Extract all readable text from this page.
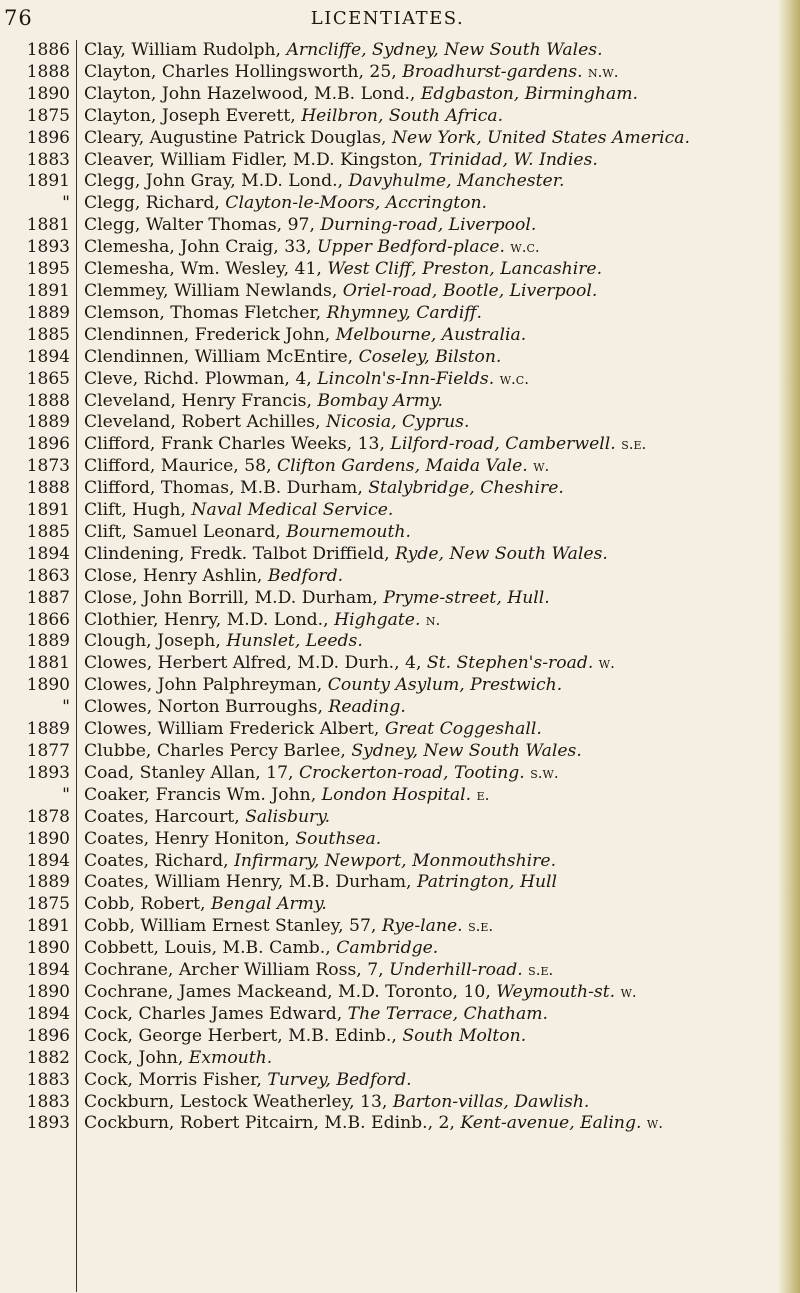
76	LICENTIATES.
1886 Clay, William Rudolph, Arncliffe, Sydney, New South Wales.
1888 Clayton, Charles Hollingsworth, 25, Broadhurst-gardens. n.w.
1890 Clayton, John Hazelwood, M.B. Lond., Edgbaston, Birmingham.
1875 Clayton, Joseph Everett, Heilbron, South Africa.
1896 Cleary, Augustine Patrick Douglas, New York, United States America.
1883 Cleaver, William Fidler, M.D. Kingston, Trinidad, W. Indies.
1891 Clegg, John Gray, M.D. Lond., Davyhulme, Manchester.
" Clegg, Richard, Clayton-le-Moors, Accrington.
1881 Clegg, Walter Thomas, 97, Durning-road, Liverpool.
1893 Clemesha, John Craig, 33, Upper Bedford-place. w.c.
1895 Clemesha, Wm. Wesley, 41, West Cliff, Preston, Lancashire.
1891 Clemmey, William Newlands, Oriel-road, Bootle, Liverpool.
1889 Clemson, Thomas Fletcher, Rhymney, Cardiff.
1885 Clendinnen, Frederick John, Melbourne, Australia.
1894 Clendinnen, William McEntire, Coseley, Bilston.
1865 Cleve, Richd. Plowman, 4, Lincoln's-Inn-Fields. w.c.
1888 Cleveland, Henry Francis, Bombay Army.
1889 Cleveland, Robert Achilles, Nicosia, Cyprus.
1896 Clifford, Frank Charles Weeks, 13, Lilford-road, Camberwell. s.e.
1873 Clifford, Maurice, 58, Clifton Gardens, Maida Vale. w.
1888 Clifford, Thomas, M.B. Durham, Stalybridge, Cheshire.
1891 Clift, Hugh, Naval Medical Service.
1885 Clift, Samuel Leonard, Bournemouth.
1894 Clindening, Fredk. Talbot Driffield, Ryde, New South Wales.
1863 Close, Henry Ashlin, Bedford.
1887 Close, John Borrill, M.D. Durham, Pryme-street, Hull.
1866 Clothier, Henry, M.D. Lond., Highgate. n.
1889 Clough, Joseph, Hunslet, Leeds.
1881 Clowes, Herbert Alfred, M.D. Durh., 4, St. Stephen's-road. w.
1890 Clowes, John Palphreyman, County Asylum, Prestwich.
" Clowes, Norton Burroughs, Reading.
1889 Clowes, William Frederick Albert, Great Coggeshall.
1877 Clubbe, Charles Percy Barlee, Sydney, New South Wales.
1893 Coad, Stanley Allan, 17, Crockerton-road, Tooting. s.w.
" Coaker, Francis Wm. John, London Hospital. e.
1878 Coates, Harcourt, Salisbury.
1890 Coates, Henry Honiton, Southsea.
1894 Coates, Richard, Infirmary, Newport, Monmouthshire.
1889 Coates, William Henry, M.B. Durham, Patrington, Hull
1875 Cobb, Robert, Bengal Army.
1891 Cobb, William Ernest Stanley, 57, Rye-lane. s.e.
1890 Cobbett, Louis, M.B. Camb., Cambridge.
1894 Cochrane, Archer William Ross, 7, Underhill-road. s.e.
1890 Cochrane, James Mackeand, M.D. Toronto, 10, Weymouth-st. w.
1894 Cock, Charles James Edward, The Terrace, Chatham.
1896 Cock, George Herbert, M.B. Edinb., South Molton.
1882 Cock, John, Exmouth.
1883 Cock, Morris Fisher, Turvey, Bedford.
1883 Cockburn, Lestock Weatherley, 13, Barton-villas, Dawlish.
1893 Cockburn, Robert Pitcairn, M.B. Edinb., 2, Kent-avenue, Ealing. w.
